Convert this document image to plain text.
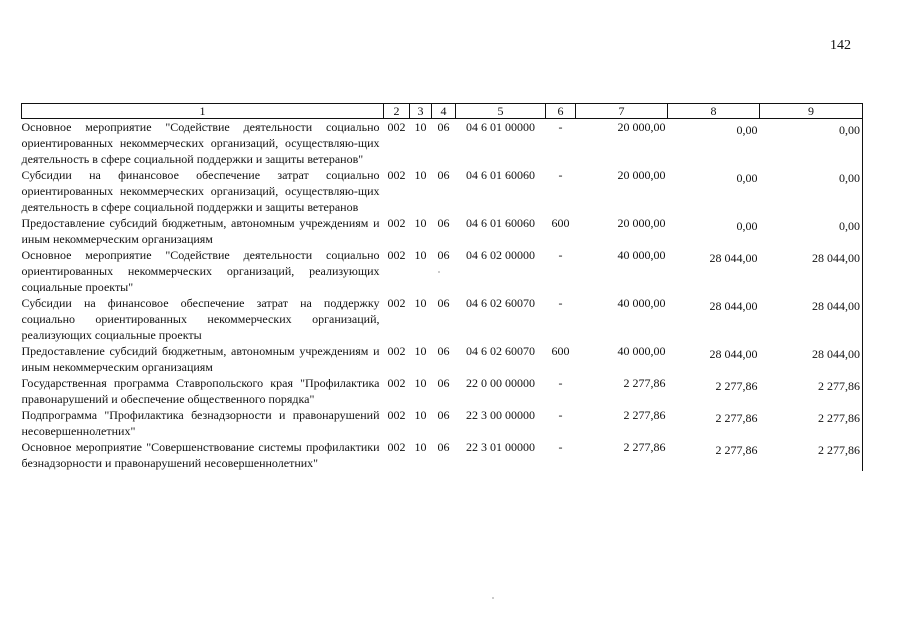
142
1	2	3	4	5	6	7	8	9
Основное мероприятие "Содействие деятельности социально ориентированных некоммерческих организаций, осуществляю-щих деятельность в сфере социальной поддержки и защиты ветеранов"	002	10	06	04 6 01 00000	-	20 000,00	0,00	0,00
Субсидии на финансовое обеспечение затрат социально ориентированных некоммерческих организаций, осуществляю-щих деятельность в сфере социальной поддержки и защиты ветеранов	002	10	06	04 6 01 60060	-	20 000,00	0,00	0,00
Предоставление субсидий бюджетным, автономным учреждениям и иным некоммерческим организациям	002	10	06	04 6 01 60060	600	20 000,00	0,00	0,00
Основное мероприятие "Содействие деятельности социально ориентированных некоммерческих организаций, реализующих социальные проекты"	002	10	06	04 6 02 00000	-	40 000,00	28 044,00	28 044,00
Субсидии на финансовое обеспечение затрат на поддержку социально ориентированных некоммерческих организаций, реализующих социальные проекты	002	10	06	04 6 02 60070	-	40 000,00	28 044,00	28 044,00
Предоставление субсидий бюджетным, автономным учреждениям и иным некоммерческим организациям	002	10	06	04 6 02 60070	600	40 000,00	28 044,00	28 044,00
Государственная программа Ставропольского края "Профилактика правонарушений и обеспечение общественного порядка"	002	10	06	22 0 00 00000	-	2 277,86	2 277,86	2 277,86
Подпрограмма "Профилактика безнадзорности и правонарушений несовершеннолетних"	002	10	06	22 3 00 00000	-	2 277,86	2 277,86	2 277,86
Основное мероприятие "Совершенствование системы профилактики безнадзорности и правонарушений несовершеннолетних"	002	10	06	22 3 01 00000	-	2 277,86	2 277,86	2 277,86
